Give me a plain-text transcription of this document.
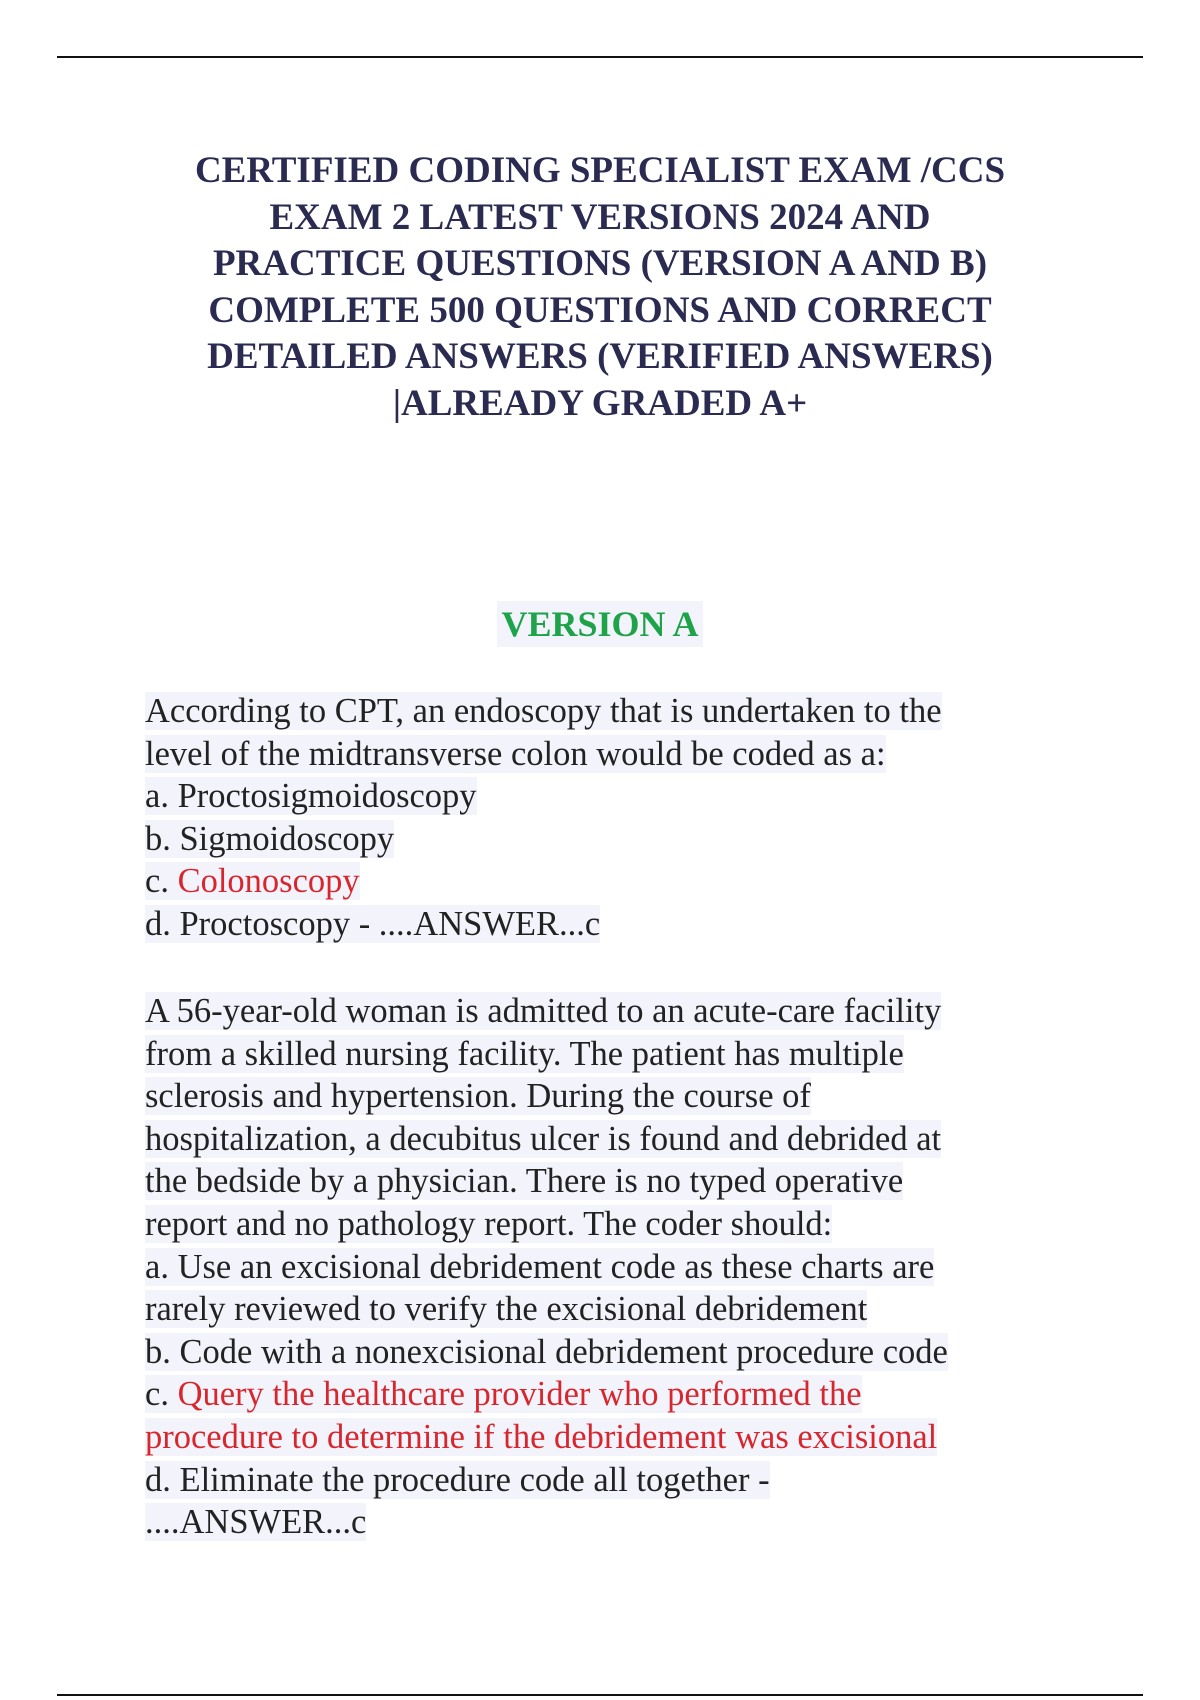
CERTIFIED CODING SPECIALIST EXAM /CCS
EXAM 2 LATEST VERSIONS 2024 AND
PRACTICE QUESTIONS (VERSION A AND B)
COMPLETE 500 QUESTIONS AND CORRECT
DETAILED ANSWERS (VERIFIED ANSWERS)
|ALREADY GRADED A+
VERSION A
According to CPT, an endoscopy that is undertaken to the
level of the midtransverse colon would be coded as a:
a. Proctosigmoidoscopy
b. Sigmoidoscopy
c. Colonoscopy
d. Proctoscopy - ....ANSWER...c
A 56-year-old woman is admitted to an acute-care facility
from a skilled nursing facility. The patient has multiple
sclerosis and hypertension. During the course of
hospitalization, a decubitus ulcer is found and debrided at
the bedside by a physician. There is no typed operative
report and no pathology report. The coder should:
a. Use an excisional debridement code as these charts are
rarely reviewed to verify the excisional debridement
b. Code with a nonexcisional debridement procedure code
c. Query the healthcare provider who performed the
procedure to determine if the debridement was excisional
d. Eliminate the procedure code all together -
....ANSWER...c
